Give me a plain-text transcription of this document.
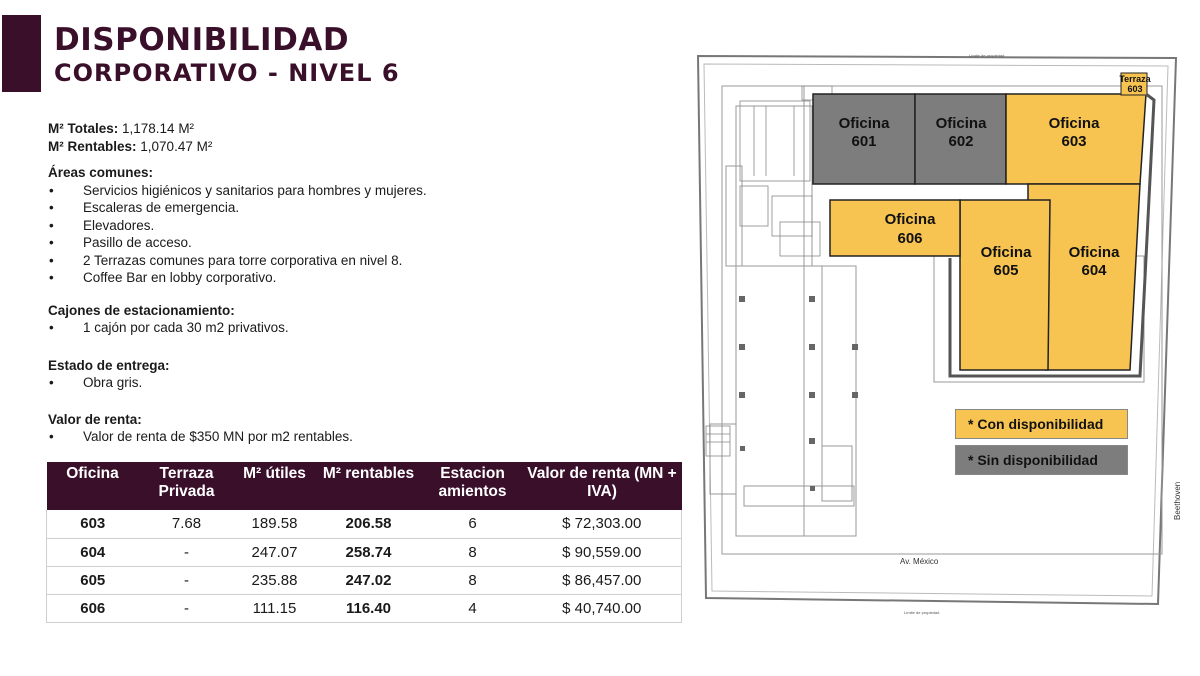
DISPONIBILIDAD
CORPORATIVO - NIVEL 6
M² Totales: 1,178.14 M²
M² Rentables: 1,070.47 M²
Áreas comunes:
• Servicios higiénicos y sanitarios para hombres y mujeres.
• Escaleras de emergencia.
• Elevadores.
• Pasillo de acceso.
• 2 Terrazas comunes para torre corporativa en nivel 8.
• Coffee Bar en lobby corporativo.
Cajones de estacionamiento:
• 1 cajón por cada 30 m2 privativos.
Estado de entrega:
• Obra gris.
Valor de renta:
• Valor de renta de $350 MN por m2 rentables.
Oficina	Terraza Privada	M² útiles	M² rentables	Estacion amientos	Valor de renta (MN + IVA)
603	7.68	189.58	206.58	6	$ 72,303.00
604	-	247.07	258.74	8	$ 90,559.00
605	-	235.88	247.02	8	$ 86,457.00
606	-	111.15	116.40	4	$ 40,740.00
Límite de propiedad
Límite de propiedad
Oficina
601
Oficina
602
Oficina
603
Oficina
606
Oficina
605
Oficina
604
Terraza
603
Av. México
Beethoven
* Con disponibilidad
* Sin disponibilidad
